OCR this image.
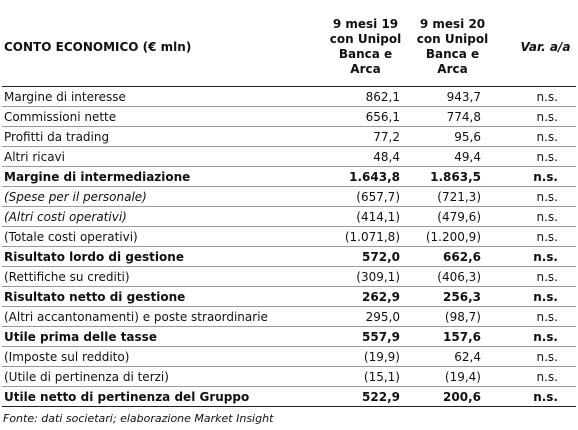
CONTO ECONOMICO (€ mln)	9 mesi 19
con Unipol
Banca e
Arca	9 mesi 20
con Unipol
Banca e
Arca	Var. a/a
Margine di interesse	862,1	943,7	n.s.
Commissioni nette	656,1	774,8	n.s.
Profitti da trading	77,2	95,6	n.s.
Altri ricavi	48,4	49,4	n.s.
Margine di intermediazione	1.643,8	1.863,5	n.s.
(Spese per il personale)	(657,7)	(721,3)	n.s.
(Altri costi operativi)	(414,1)	(479,6)	n.s.
(Totale costi operativi)	(1.071,8)	(1.200,9)	n.s.
Risultato lordo di gestione	572,0	662,6	n.s.
(Rettifiche su crediti)	(309,1)	(406,3)	n.s.
Risultato netto di gestione	262,9	256,3	n.s.
(Altri accantonamenti) e poste straordinarie	295,0	(98,7)	n.s.
Utile prima delle tasse	557,9	157,6	n.s.
(Imposte sul reddito)	(19,9)	62,4	n.s.
(Utile di pertinenza di terzi)	(15,1)	(19,4)	n.s.
Utile netto di pertinenza del Gruppo	522,9	200,6	n.s.
Fonte: dati societari; elaborazione Market Insight
